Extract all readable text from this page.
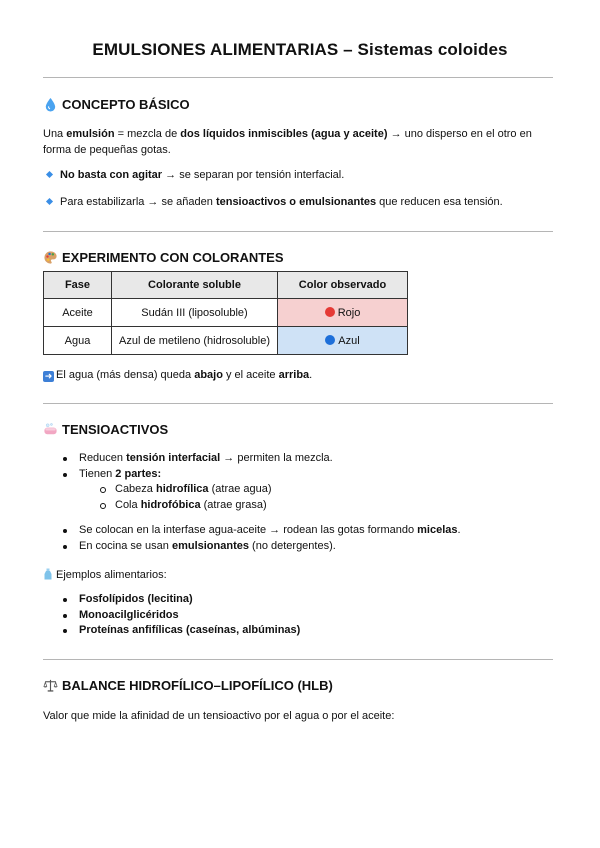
EMULSIONES ALIMENTARIAS – Sistemas coloides
CONCEPTO BÁSICO
Una emulsión = mezcla de dos líquidos inmiscibles (agua y aceite) → uno disperso en el otro en
forma de pequeñas gotas.
No basta con agitar → se separan por tensión interfacial.
Para estabilizarla → se añaden tensioactivos o emulsionantes que reducen esa tensión.
EXPERIMENTO CON COLORANTES
Fase	Colorante soluble	Color observado
Aceite	Sudán III (liposoluble)	Rojo
Agua	Azul de metileno (hidrosoluble)	Azul
➜ El agua (más densa) queda abajo y el aceite arriba.
TENSIOACTIVOS
Reducen tensión interfacial → permiten la mezcla.
Tienen 2 partes:
Cabeza hidrofílica (atrae agua)
Cola hidrofóbica (atrae grasa)
Se colocan en la interfase agua-aceite → rodean las gotas formando micelas.
En cocina se usan emulsionantes (no detergentes).
Ejemplos alimentarios:
Fosfolípidos (lecitina)
Monoacilglicéridos
Proteínas anfifílicas (caseínas, albúminas)
BALANCE HIDROFÍLICO–LIPOFÍLICO (HLB)
Valor que mide la afinidad de un tensioactivo por el agua o por el aceite:
